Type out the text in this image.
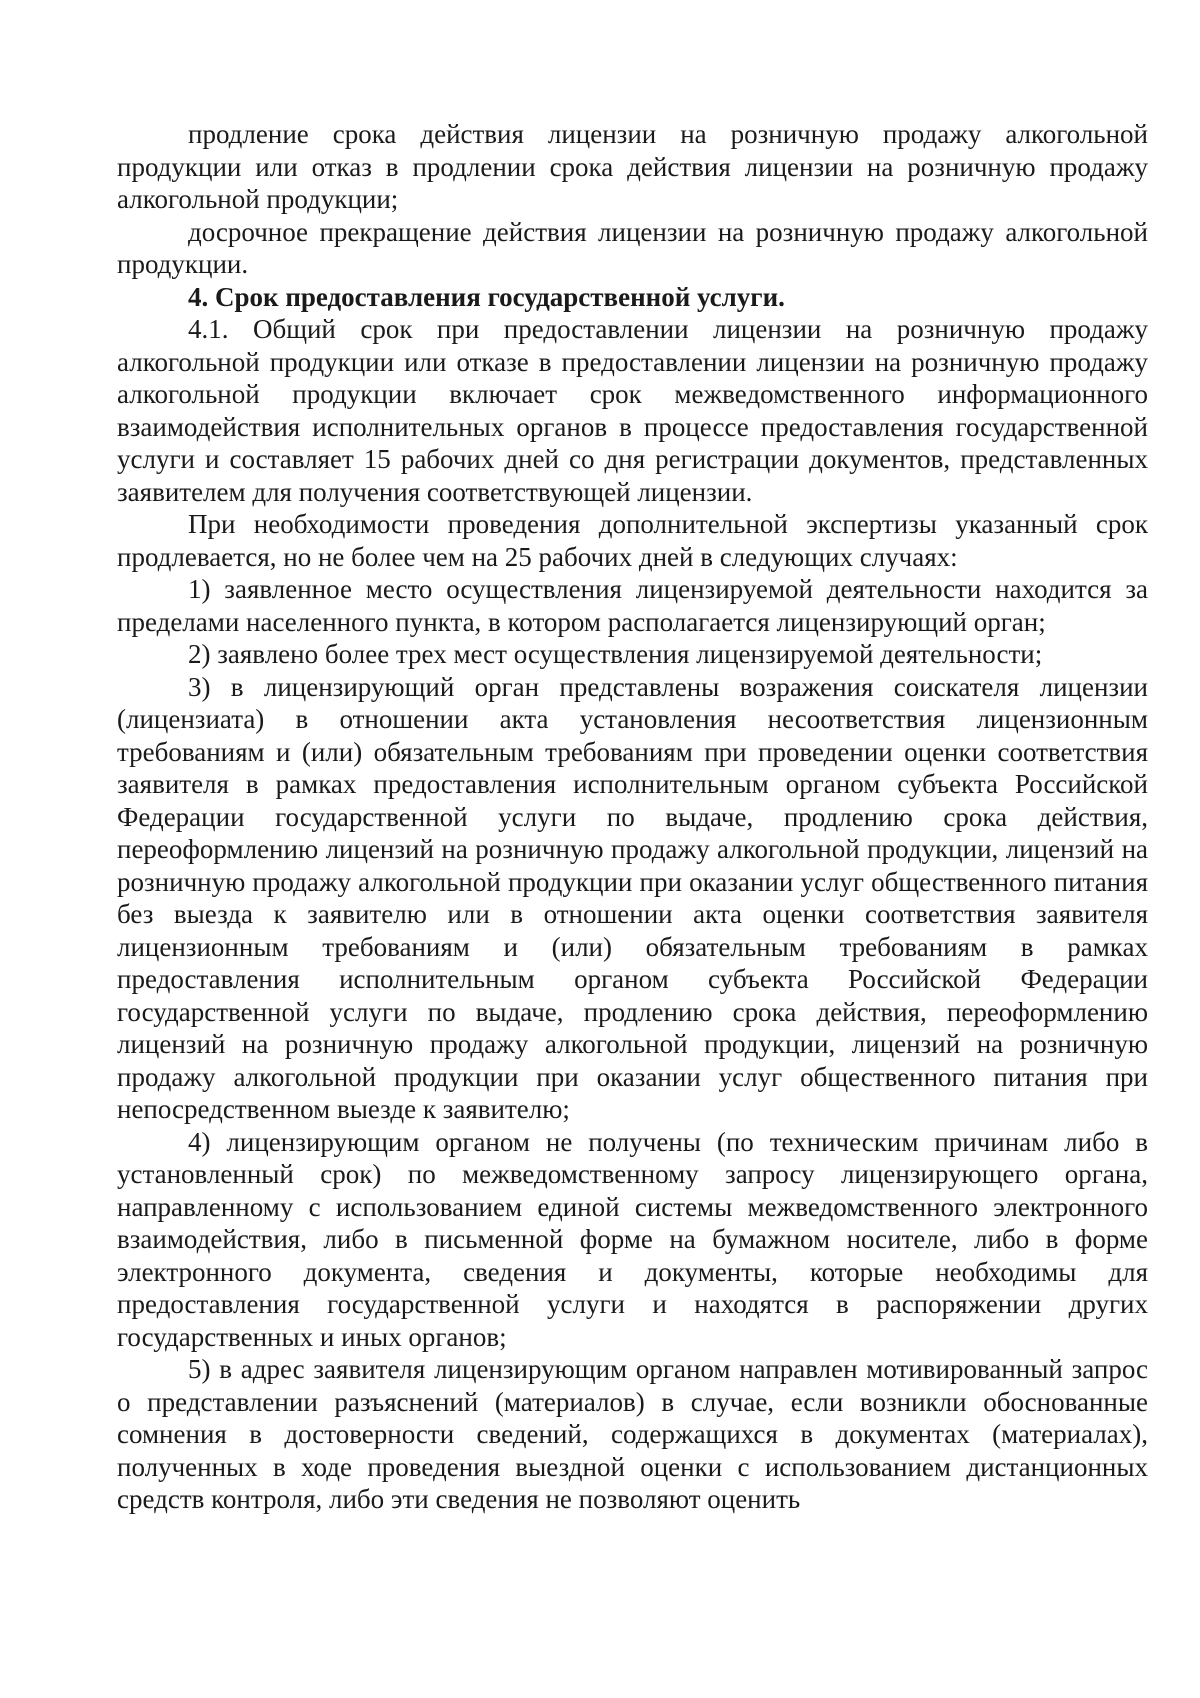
продление срока действия лицензии на розничную продажу алкогольной продукции или отказ в продлении срока действия лицензии на розничную продажу алкогольной продукции;

досрочное прекращение действия лицензии на розничную продажу алкогольной продукции.

4. Срок предоставления государственной услуги.

4.1. Общий срок при предоставлении лицензии на розничную продажу алкогольной продукции или отказе в предоставлении лицензии на розничную продажу алкогольной продукции включает срок межведомственного информационного взаимодействия исполнительных органов в процессе предоставления государственной услуги и составляет 15 рабочих дней со дня регистрации документов, представленных заявителем для получения соответствующей лицензии.

При необходимости проведения дополнительной экспертизы указанный срок продлевается, но не более чем на 25 рабочих дней в следующих случаях:

1) заявленное место осуществления лицензируемой деятельности находится за пределами населенного пункта, в котором располагается лицензирующий орган;

2) заявлено более трех мест осуществления лицензируемой деятельности;

3) в лицензирующий орган представлены возражения соискателя лицензии (лицензиата) в отношении акта установления несоответствия лицензионным требованиям и (или) обязательным требованиям при проведении оценки соответствия заявителя в рамках предоставления исполнительным органом субъекта Российской Федерации государственной услуги по выдаче, продлению срока действия, переоформлению лицензий на розничную продажу алкогольной продукции, лицензий на розничную продажу алкогольной продукции при оказании услуг общественного питания без выезда к заявителю или в отношении акта оценки соответствия заявителя лицензионным требованиям и (или) обязательным требованиям в рамках предоставления исполнительным органом субъекта Российской Федерации государственной услуги по выдаче, продлению срока действия, переоформлению лицензий на розничную продажу алкогольной продукции, лицензий на розничную продажу алкогольной продукции при оказании услуг общественного питания при непосредственном выезде к заявителю;

4) лицензирующим органом не получены (по техническим причинам либо в установленный срок) по межведомственному запросу лицензирующего органа, направленному с использованием единой системы межведомственного электронного взаимодействия, либо в письменной форме на бумажном носителе, либо в форме электронного документа, сведения и документы, которые необходимы для предоставления государственной услуги и находятся в распоряжении других государственных и иных органов;

5) в адрес заявителя лицензирующим органом направлен мотивированный запрос о представлении разъяснений (материалов) в случае, если возникли обоснованные сомнения в достоверности сведений, содержащихся в документах (материалах), полученных в ходе проведения выездной оценки с использованием дистанционных средств контроля, либо эти сведения не позволяют оценить
